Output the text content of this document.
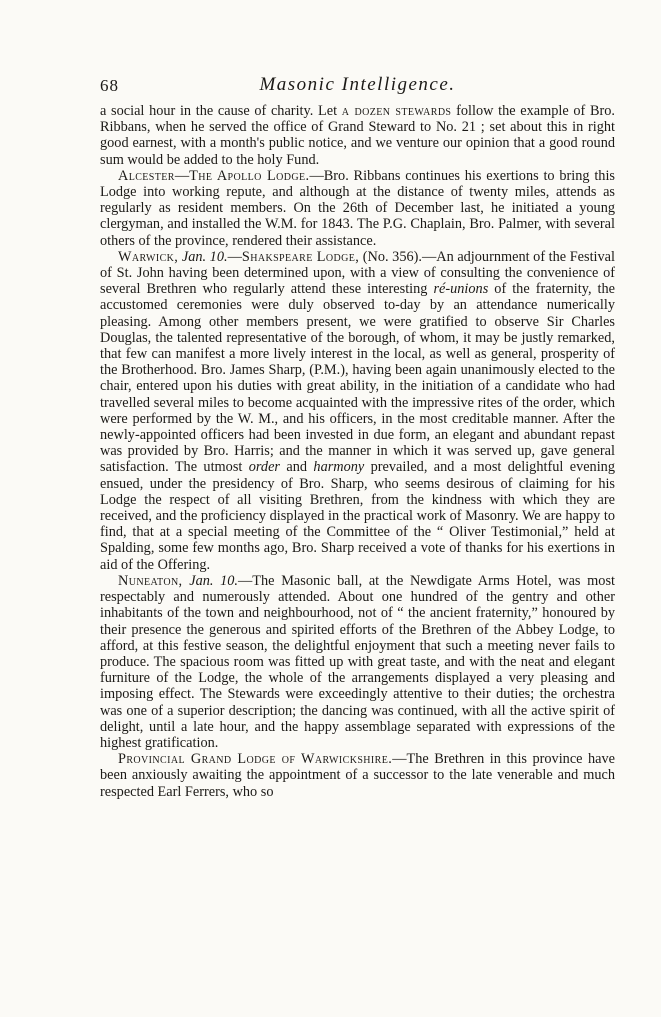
68	Masonic Intelligence.

a social hour in the cause of charity. Let a dozen stewards follow the example of Bro. Ribbans, when he served the office of Grand Steward to No. 21 ; set about this in right good earnest, with a month's public notice, and we venture our opinion that a good round sum would be added to the holy Fund.

Alcester—The Apollo Lodge.—Bro. Ribbans continues his exertions to bring this Lodge into working repute, and although at the distance of twenty miles, attends as regularly as resident members. On the 26th of December last, he initiated a young clergyman, and installed the W.M. for 1843. The P.G. Chaplain, Bro. Palmer, with several others of the province, rendered their assistance.

Warwick, Jan. 10.—Shakspeare Lodge, (No. 356).—An adjournment of the Festival of St. John having been determined upon, with a view of consulting the convenience of several Brethren who regularly attend these interesting ré-unions of the fraternity, the accustomed ceremonies were duly observed to-day by an attendance numerically pleasing. Among other members present, we were gratified to observe Sir Charles Douglas, the talented representative of the borough, of whom, it may be justly remarked, that few can manifest a more lively interest in the local, as well as general, prosperity of the Brotherhood. Bro. James Sharp, (P.M.), having been again unanimously elected to the chair, entered upon his duties with great ability, in the initiation of a candidate who had travelled several miles to become acquainted with the impressive rites of the order, which were performed by the W. M., and his officers, in the most creditable manner. After the newly-appointed officers had been invested in due form, an elegant and abundant repast was provided by Bro. Harris; and the manner in which it was served up, gave general satisfaction. The utmost order and harmony prevailed, and a most delightful evening ensued, under the presidency of Bro. Sharp, who seems desirous of claiming for his Lodge the respect of all visiting Brethren, from the kindness with which they are received, and the proficiency displayed in the practical work of Masonry. We are happy to find, that at a special meeting of the Committee of the “ Oliver Testimonial,” held at Spalding, some few months ago, Bro. Sharp received a vote of thanks for his exertions in aid of the Offering.

Nuneaton, Jan. 10.—The Masonic ball, at the Newdigate Arms Hotel, was most respectably and numerously attended. About one hundred of the gentry and other inhabitants of the town and neighbourhood, not of “ the ancient fraternity,” honoured by their presence the generous and spirited efforts of the Brethren of the Abbey Lodge, to afford, at this festive season, the delightful enjoyment that such a meeting never fails to produce. The spacious room was fitted up with great taste, and with the neat and elegant furniture of the Lodge, the whole of the arrangements displayed a very pleasing and imposing effect. The Stewards were exceedingly attentive to their duties; the orchestra was one of a superior description; the dancing was continued, with all the active spirit of delight, until a late hour, and the happy assemblage separated with expressions of the highest gratification.

Provincial Grand Lodge of Warwickshire.—The Brethren in this province have been anxiously awaiting the appointment of a successor to the late venerable and much respected Earl Ferrers, who so
